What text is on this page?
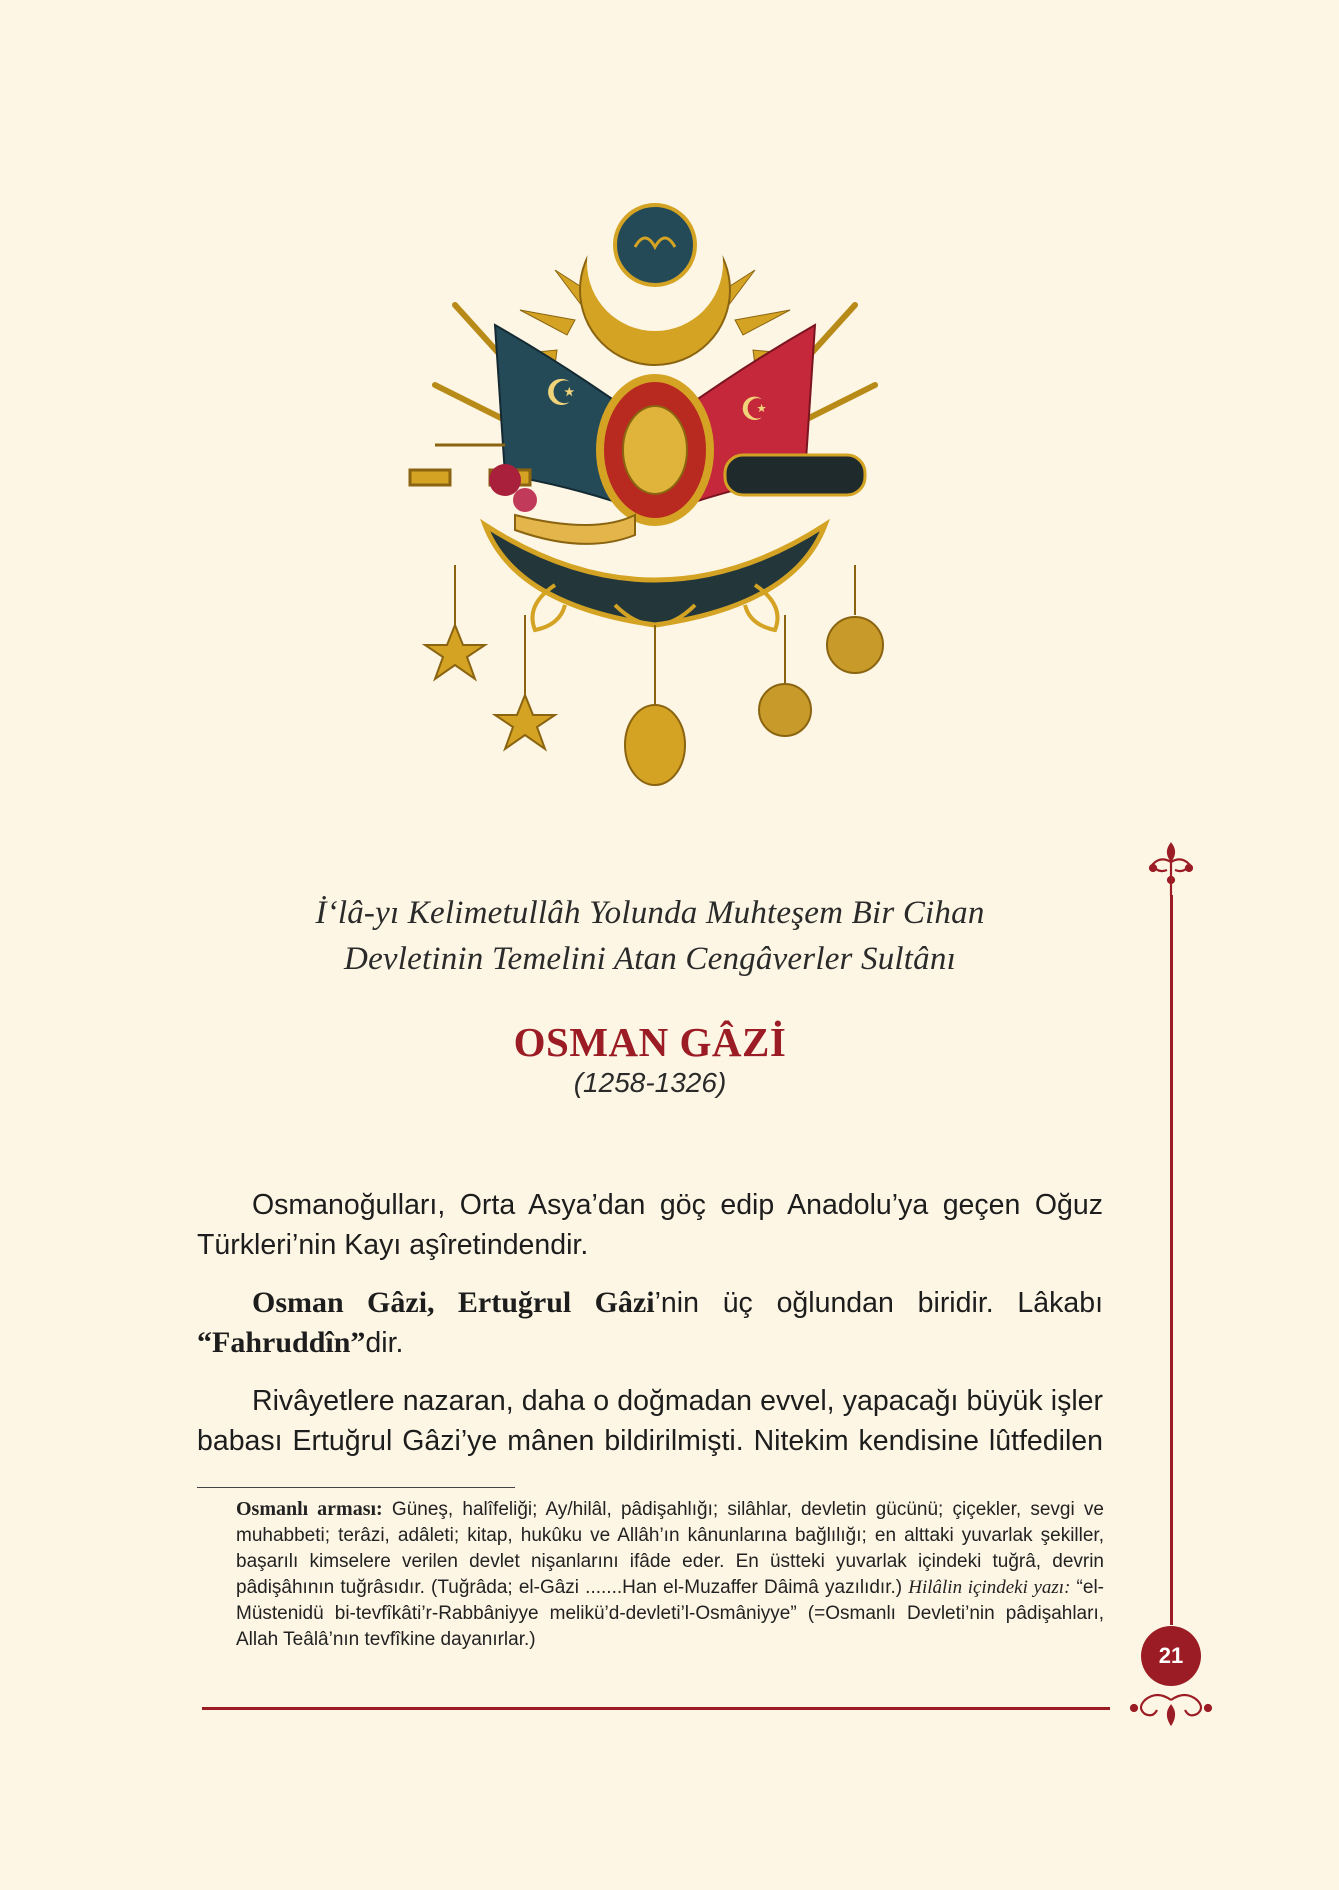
☪	☪
İ‘lâ-yı Kelimetullâh Yolunda Muhteşem Bir Cihan
Devletinin Temelini Atan Cengâverler Sultânı
OSMAN GÂZİ
(1258-1326)

Osmanoğulları, Orta Asya’dan göç edip Anadolu’ya geçen Oğuz Türkleri’nin Kayı aşîretindendir.

Osman Gâzi, Ertuğrul Gâzi’nin üç oğlundan biridir. Lâkabı “Fahruddîn”dir.

Rivâyetlere nazaran, daha o doğmadan evvel, yapacağı büyük işler babası Ertuğrul Gâzi’ye mânen bildirilmişti. Nitekim kendisine lûtfedilen

Osmanlı arması: Güneş, halîfeliği; Ay/hilâl, pâdişahlığı; silâhlar, devletin gücünü; çiçekler, sevgi ve muhabbeti; terâzi, adâleti; kitap, hukûku ve Allâh’ın kânunlarına bağlılığı; en alttaki yuvarlak şekiller, başarılı kimselere verilen devlet nişanlarını ifâde eder. En üstteki yuvarlak içindeki tuğrâ, devrin pâdişâhının tuğrâsıdır. (Tuğrâda; el-Gâzi .......Han el-Muzaffer Dâimâ yazılıdır.) Hilâlin içindeki yazı: “el-Müstenidü bi-tevfîkâti’r-Rabbâniyye melikü’d-devleti’l-Osmâniyye” (=Osmanlı Devleti’nin pâdişahları, Allah Teâlâ’nın tevfîkine dayanırlar.)
21
